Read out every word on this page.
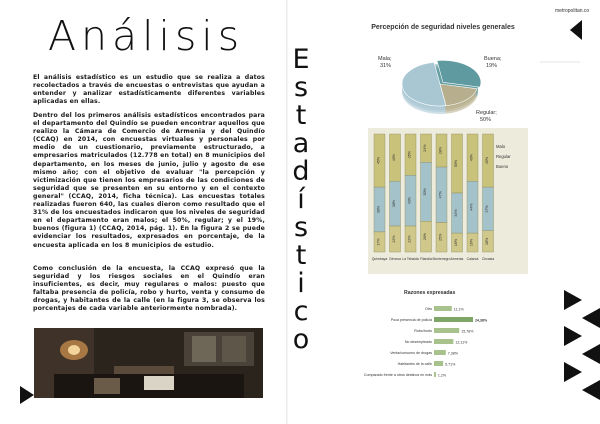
metropolitan.co
Análisis
El análisis estadístico es un estudio que se realiza a datos recolectados a través de encuestas o entrevistas que ayudan a entender y analizar estadísticamente diferentes variables aplicadas en ellas.
Dentro del los primeros análisis estadísticos encontrados para el departamento del Quindío se pueden encontrar aquellos que realizo la Cámara de Comercio de Armenia y del Quindío (CCAQ) en 2014, con encuestas virtuales y personales por medio de un cuestionario, previamente estructurado, a empresarios matriculados (12.778 en total) en 8 municipios del departamento, en los meses de junio, julio y agosto de ese mismo año; con el objetivo de evaluar "la percepción y victimización que tienen los empresarios de las condiciones de seguridad que se presenten en su entorno y en el contexto general" (CCAQ, 2014, ficha técnica). Las encuestas totales realizadas fueron 640, las cuales dieron como resultado que el 31% de los encuestados indicaron que los niveles de seguridad en el departamento eran malos; el 50%, regular; y el 19%, buenos (figura 1) (CCAQ, 2014, pág. 1). En la figura 2 se puede evidenciar los resultados, expresados en porcentaje, de la encuesta aplicada en los 8 municipios de estudio.
Como conclusión de la encuesta, la CCAQ expresó que la seguridad y los riesgos sociales en el Quindío eran insuficientes, es decir, muy regulares o malos: puesto que faltaba presencia de policía, robo y hurto, venta y consumo de drogas, y habitantes de la calle (en la figura 3, se observa los porcentajes de cada variable anteriormente nombrada).
E
s
t
a
d
í
s
t
i
c
o
Percepción de seguridad niveles generales
Mala;
31%
Buena;
19%
Regular;
50%
45%
38%
17%
Quimbaya
40%
38%
22%
Génova
35%
43%
22%
La Tebaida
24%
50%
26%
Filandia
28%
47%
25%
Montenegro
50%
34%
16%
Armenia
40%
44%
16%
Calarcá
45%
37%
18%
Circasia
Malo
Regular
Bueno
Razones expresadas
Otro	11,1%
Poca presencia de policía	24,38%
Robo/hurto	15,78%
No desempleado	12,11%
Venta/consumo de drogas	7,38%
Habitantes de la calle	5,71%
Comparado frente a otros destinos en más 1,2%
